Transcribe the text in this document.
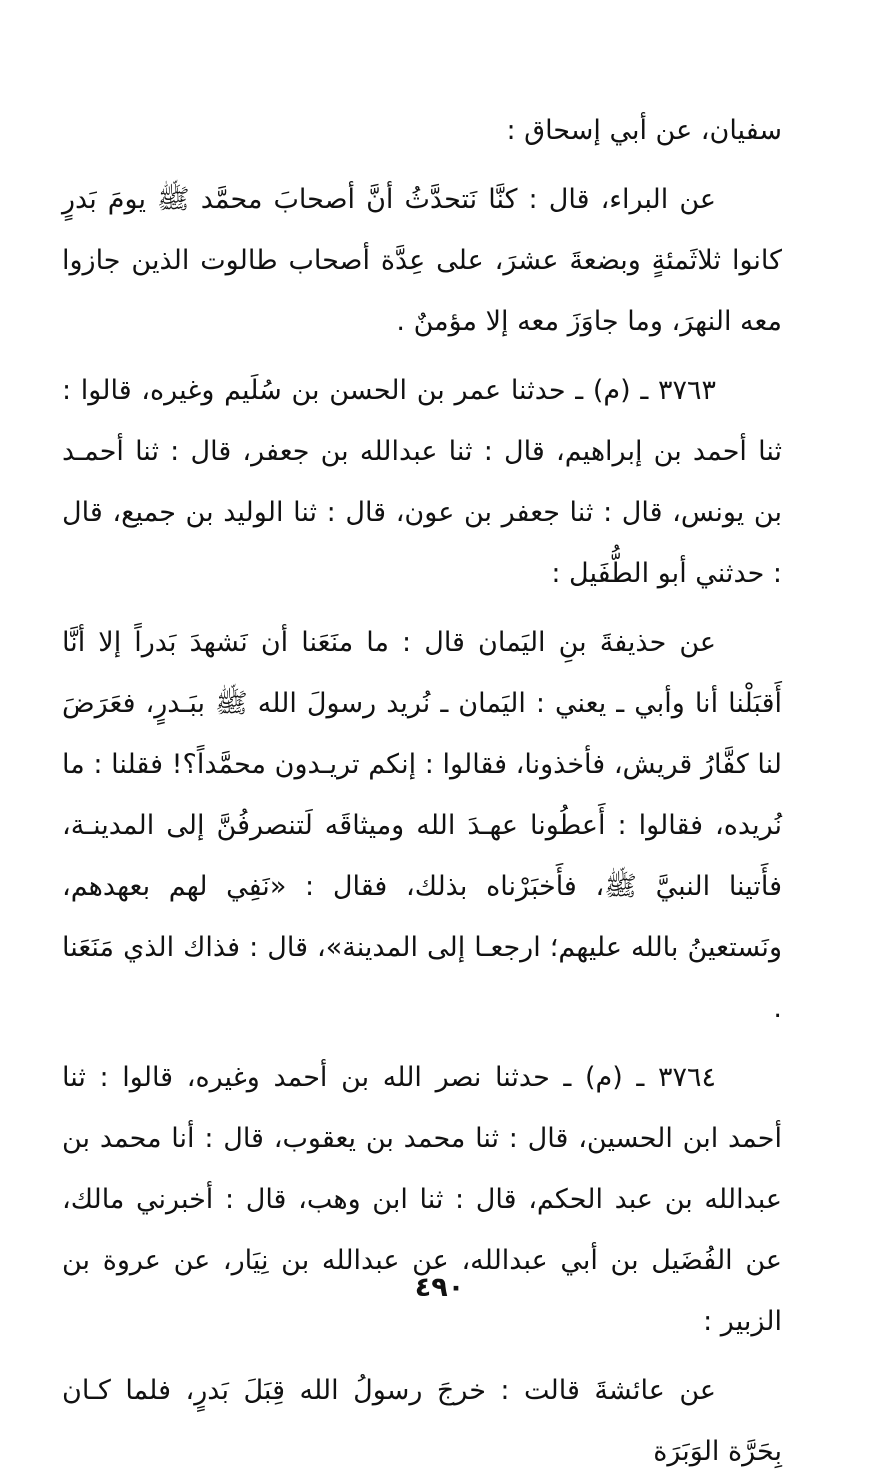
سفيان، عن أبي إسحاق :

عن البراء، قال : كنَّا نَتحدَّثُ أنَّ أصحابَ محمَّد ﷺ يومَ بَدرٍ كانوا ثلاثَمئةٍ وبضعةَ عشرَ، على عِدَّة أصحاب طالوت الذين جازوا معه النهرَ، وما جاوَزَ معه إلا مؤمنٌ .

٣٧٦٣ ـ (م) ـ حدثنا عمر بن الحسن بن سُلَيم وغيره، قالوا : ثنا أحمد بن إبراهيم، قال : ثنا عبدالله بن جعفر، قال : ثنا أحمـد بن يونس، قال : ثنا جعفر بن عون، قال : ثنا الوليد بن جميع، قال : حدثني أبو الطُّفَيل :

عن حذيفةَ بنِ اليَمان قال : ما منَعَنا أن نَشهدَ بَدراً إلا أنَّا أَقبَلْنا أنا وأبي ـ يعني : اليَمان ـ نُريد رسولَ الله ﷺ ببَـدرٍ، فعَرَضَ لنا كفَّارُ قريش، فأخذونا، فقالوا : إنكم تريـدون محمَّداً؟! فقلنا : ما نُريده، فقالوا : أَعطُونا عهـدَ الله وميثاقَه لَتنصرفُنَّ إلى المدينـة، فأَتينا النبيَّ ﷺ، فأَخبَرْناه بذلك، فقال : «نَفِي لهم بعهدهم، ونَستعينُ بالله عليهم؛ ارجعـا إلى المدينة»، قال : فذاك الذي مَنَعَنا .

٣٧٦٤ ـ (م) ـ حدثنا نصر الله بن أحمد وغيره، قالوا : ثنا أحمد ابن الحسين، قال : ثنا محمد بن يعقوب، قال : أنا محمد بن عبدالله بن عبد الحكم، قال : ثنا ابن وهب، قال : أخبرني مالك، عن الفُضَيل بن أبي عبدالله، عن عبدالله بن نِيَار، عن عروة بن الزبير :

عن عائشةَ قالت : خرجَ رسولُ الله قِبَلَ بَدرٍ، فلما كـان بِحَرَّة الوَبَرَة

٤٩٠
